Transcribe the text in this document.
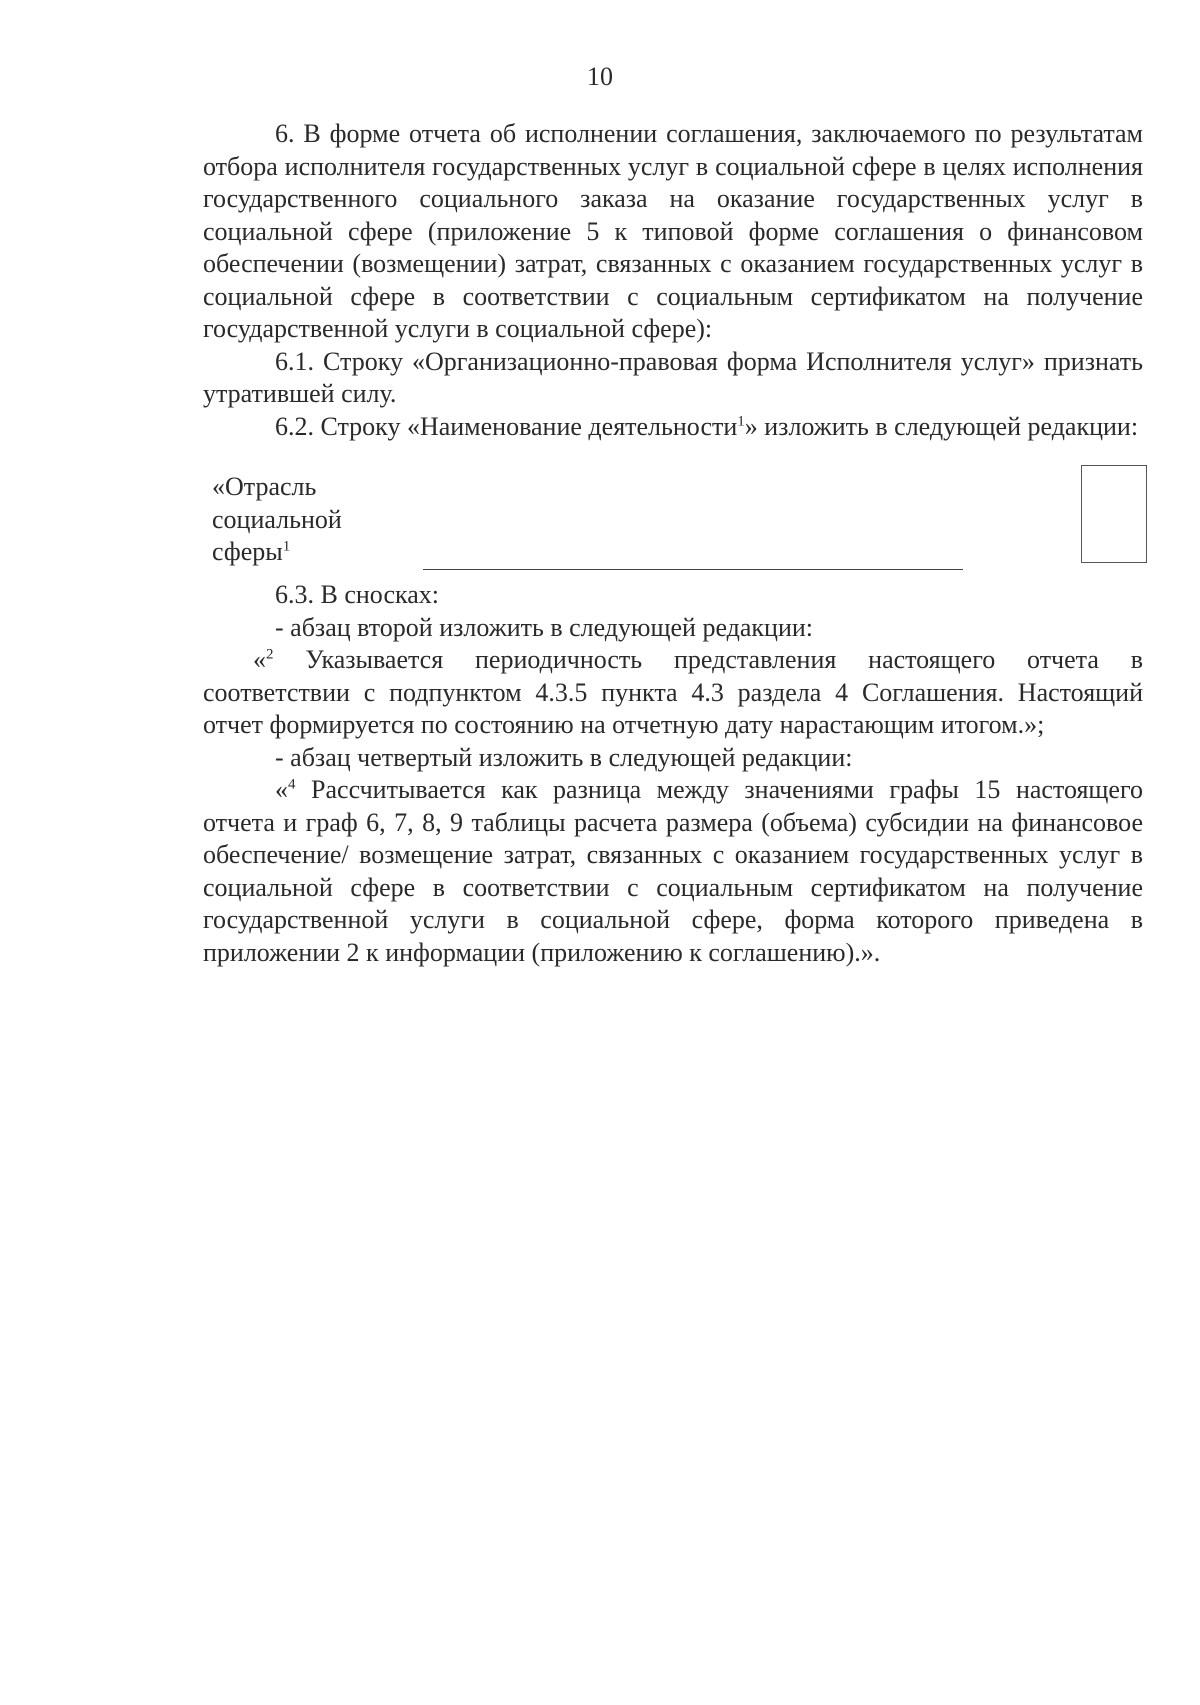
10

6. В форме отчета об исполнении соглашения, заключаемого по результатам отбора исполнителя государственных услуг в социальной сфере в целях исполнения государственного социального заказа на оказание государственных услуг в социальной сфере (приложение 5 к типовой форме соглашения о финансовом обеспечении (возмещении) затрат, связанных с оказанием государственных услуг в социальной сфере в соответствии с социальным сертификатом на получение государственной услуги в социальной сфере):

6.1. Строку «Организационно-правовая форма Исполнителя услуг» признать утратившей силу.

6.2. Строку «Наименование деятельности$^1$» изложить в следующей редакции:

«Отрасль
социальной
сферы$^1$

6.3. В сносках:

- абзац второй изложить в следующей редакции:

«$^2$ Указывается периодичность представления настоящего отчета в соответствии с подпунктом 4.3.5 пункта 4.3 раздела 4 Соглашения. Настоящий отчет формируется по состоянию на отчетную дату нарастающим итогом.»;

- абзац четвертый изложить в следующей редакции:

«$^4$ Рассчитывается как разница между значениями графы 15 настоящего отчета и граф 6, 7, 8, 9 таблицы расчета размера (объема) субсидии на финансовое обеспечение/ возмещение затрат, связанных с оказанием государственных услуг в социальной сфере в соответствии с социальным сертификатом на получение государственной услуги в социальной сфере, форма которого приведена в приложении 2 к информации (приложению к соглашению).».
